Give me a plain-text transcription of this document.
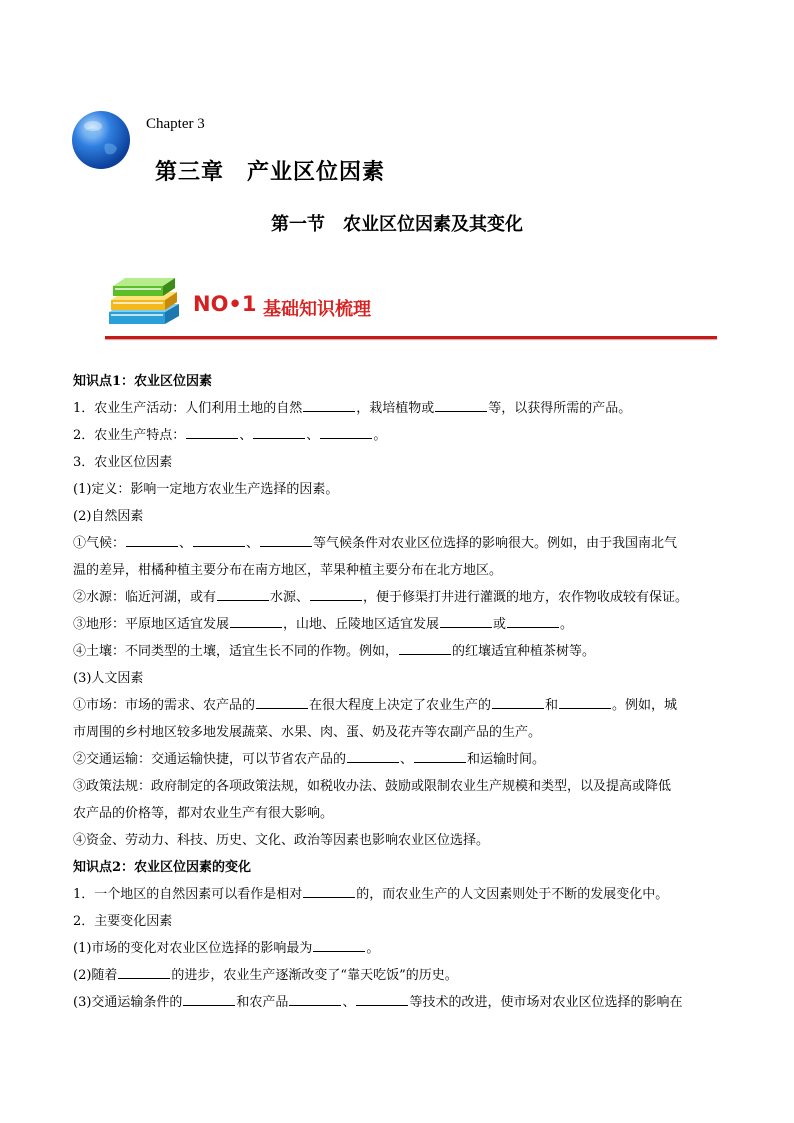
Chapter 3
第三章　产业区位因素
第一节　农业区位因素及其变化
NO•1 基础知识梳理

知识点1：农业区位因素

1．农业生产活动：人们利用土地的自然	，栽培植物或	等，以获得所需的产品。

2．农业生产特点：	、	、	。

3．农业区位因素

(1)定义：影响一定地方农业生产选择的因素。

(2)自然因素

①气候：	、	、	等气候条件对农业区位选择的影响很大。例如，由于我国南北气

温的差异，柑橘种植主要分布在南方地区，苹果种植主要分布在北方地区。

②水源：临近河湖，或有	水源、	，便于修渠打井进行灌溉的地方，农作物收成较有保证。

③地形：平原地区适宜发展	，山地、丘陵地区适宜发展	或	。

④土壤：不同类型的土壤，适宜生长不同的作物。例如，	的红壤适宜种植茶树等。

(3)人文因素

①市场：市场的需求、农产品的	在很大程度上决定了农业生产的	和	。例如，城

市周围的乡村地区较多地发展蔬菜、水果、肉、蛋、奶及花卉等农副产品的生产。

②交通运输：交通运输快捷，可以节省农产品的	、	和运输时间。

③政策法规：政府制定的各项政策法规，如税收办法、鼓励或限制农业生产规模和类型，以及提高或降低

农产品的价格等，都对农业生产有很大影响。

④资金、劳动力、科技、历史、文化、政治等因素也影响农业区位选择。

知识点2：农业区位因素的变化

1．一个地区的自然因素可以看作是相对	的，而农业生产的人文因素则处于不断的发展变化中。

2．主要变化因素

(1)市场的变化对农业区位选择的影响最为	。

(2)随着	的进步，农业生产逐渐改变了“靠天吃饭”的历史。

(3)交通运输条件的	和农产品	、	等技术的改进，使市场对农业区位选择的影响在
